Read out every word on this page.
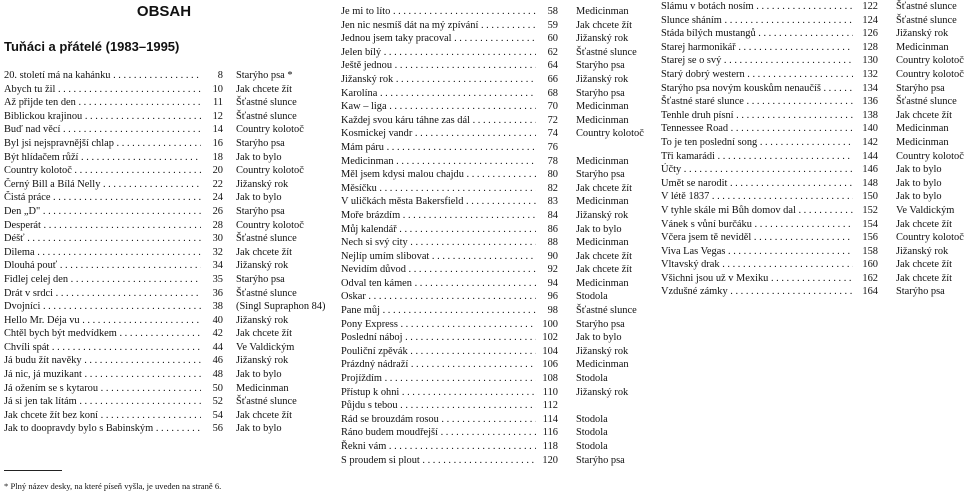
OBSAH
Tuňáci a přátelé (1983–1995)
20. století má na kahánku . . .	8 Starýho psa *
Abych tu žil . . .	10 Jak chcete žít
Až přijde ten den . . .	11 Šťastné slunce
Biblickou krajinou . . .	12 Šťastné slunce
Buď nad věcí . . .	14 Country kolotoč
Byl jsi nejspravnější chlap . . .	16 Starýho psa
Být hlídačem růží . . .	18 Jak to bylo
Country kolotoč . . .	20 Country kolotoč
Černý Bill a Bílá Nelly . . .	22 Jižanský rok
Čistá práce . . .	24 Jak to bylo
Den „D" . . .	26 Starýho psa
Desperát . . .	28 Country kolotoč
Déšť . . .	30 Šťastné slunce
Dilema . . .	32 Jak chcete žít
Dlouhá pouť . . .	34 Jižanský rok
Fidlej celej den . . .	35 Starýho psa
Drát v srdci . . .	36 Šťastné slunce
Dvojníci . . .	38 (Singl Supraphon 84)
Hello Mr. Déja vu . . .	40 Jižanský rok
Chtěl bych být medvídkem . . .	42 Jak chcete žít
Chvíli spát . . .	44 Ve Valdickým
Já budu žít navěky . . .	46 Jižanský rok
Já nic, já muzikant . . .	48 Jak to bylo
Já ožením se s kytarou . . .	50 Medicinman
Já si jen tak lítám . . .	52 Šťastné slunce
Jak chcete žít bez koní . . .	54 Jak chcete žít
Jak to doopravdy bylo s Babinským . . .	56 Jak to bylo
Je mi to líto . . .	58 Medicinman
Jen nic nesmíš dát na mý zpívání . . .	59 Jak chcete žít
Jednou jsem taky pracoval . . .	60 Jižanský rok
Jelen bílý . . .	62 Šťastné slunce
Ještě jednou . . .	64 Starýho psa
Jižanský rok . . .	66 Jižanský rok
Karolína . . .	68 Starýho psa
Kaw – liga . . .	70 Medicinman
Každej svou káru táhne zas dál . . .	72 Medicinman
Kosmickej vandr . . .	74 Country kolotoč
Mám páru . . .	76
Medicinman . . .	78 Medicinman
Měl jsem kdysi malou chajdu . . .	80 Starýho psa
Měsíčku . . .	82 Jak chcete žít
V uličkách města Bakersfield . . .	83 Medicinman
Moře brázdím . . .	84 Jižanský rok
Můj kalendář . . .	86 Jak to bylo
Nech si svý city . . .	88 Medicinman
Nejlíp umím slibovat . . .	90 Jak chcete žít
Nevidím důvod . . .	92 Jak chcete žít
Odval ten kámen . . .	94 Medicinman
Oskar . . .	96 Stodola
Pane můj . . .	98 Šťastné slunce
Pony Express . . .	100 Starýho psa
Poslední náboj . . .	102 Jak to bylo
Pouliční zpěvák . . .	104 Jižanský rok
Prázdný nádraží . . .	106 Medicinman
Projíždím . . .	108 Stodola
Přístup k ohni . . .	110 Jižanský rok
Půjdu s tebou . . .	112
Rád se brouzdám rosou . . .	114 Stodola
Ráno budem moudřejší . . .	116 Stodola
Řekni vám . . .	118 Stodola
S proudem si plout . . .	120 Starýho psa
Slámu v botách nosím . . .	122 Šťastné slunce
Slunce sháním . . .	124 Šťastné slunce
Stáda bílých mustangů . . .	126 Jižanský rok
Starej harmonikář . . .	128 Medicinman
Starej se o svý . . .	130 Country kolotoč
Starý dobrý western . . .	132 Country kolotoč
Starýho psa novým kouskům nenaučíš . . .	134 Starýho psa
Šťastné staré slunce . . .	136 Šťastné slunce
Tenhle druh písní . . .	138 Jak chcete žít
Tennessee Road . . .	140 Medicinman
To je ten poslední song . . .	142 Medicinman
Tři kamarádi . . .	144 Country kolotoč
Účty . . .	146 Jak to bylo
Umět se narodit . . .	148 Jak to bylo
V létě 1837 . . .	150 Jak to bylo
V tyhle skále mi Bůh domov dal . . .	152 Ve Valdickým
Vánek s vůní burčáku . . .	154 Jak chcete žít
Včera jsem tě neviděl . . .	156 Country kolotoč
Viva Las Vegas . . .	158 Jižanský rok
Vltavský drak . . .	160 Jak chcete žít
Všichni jsou už v Mexiku . . .	162 Jak chcete žít
Vzdušné zámky . . .	164 Starýho psa

* Plný název desky, na které píseň vyšla, je uveden na straně 6.
